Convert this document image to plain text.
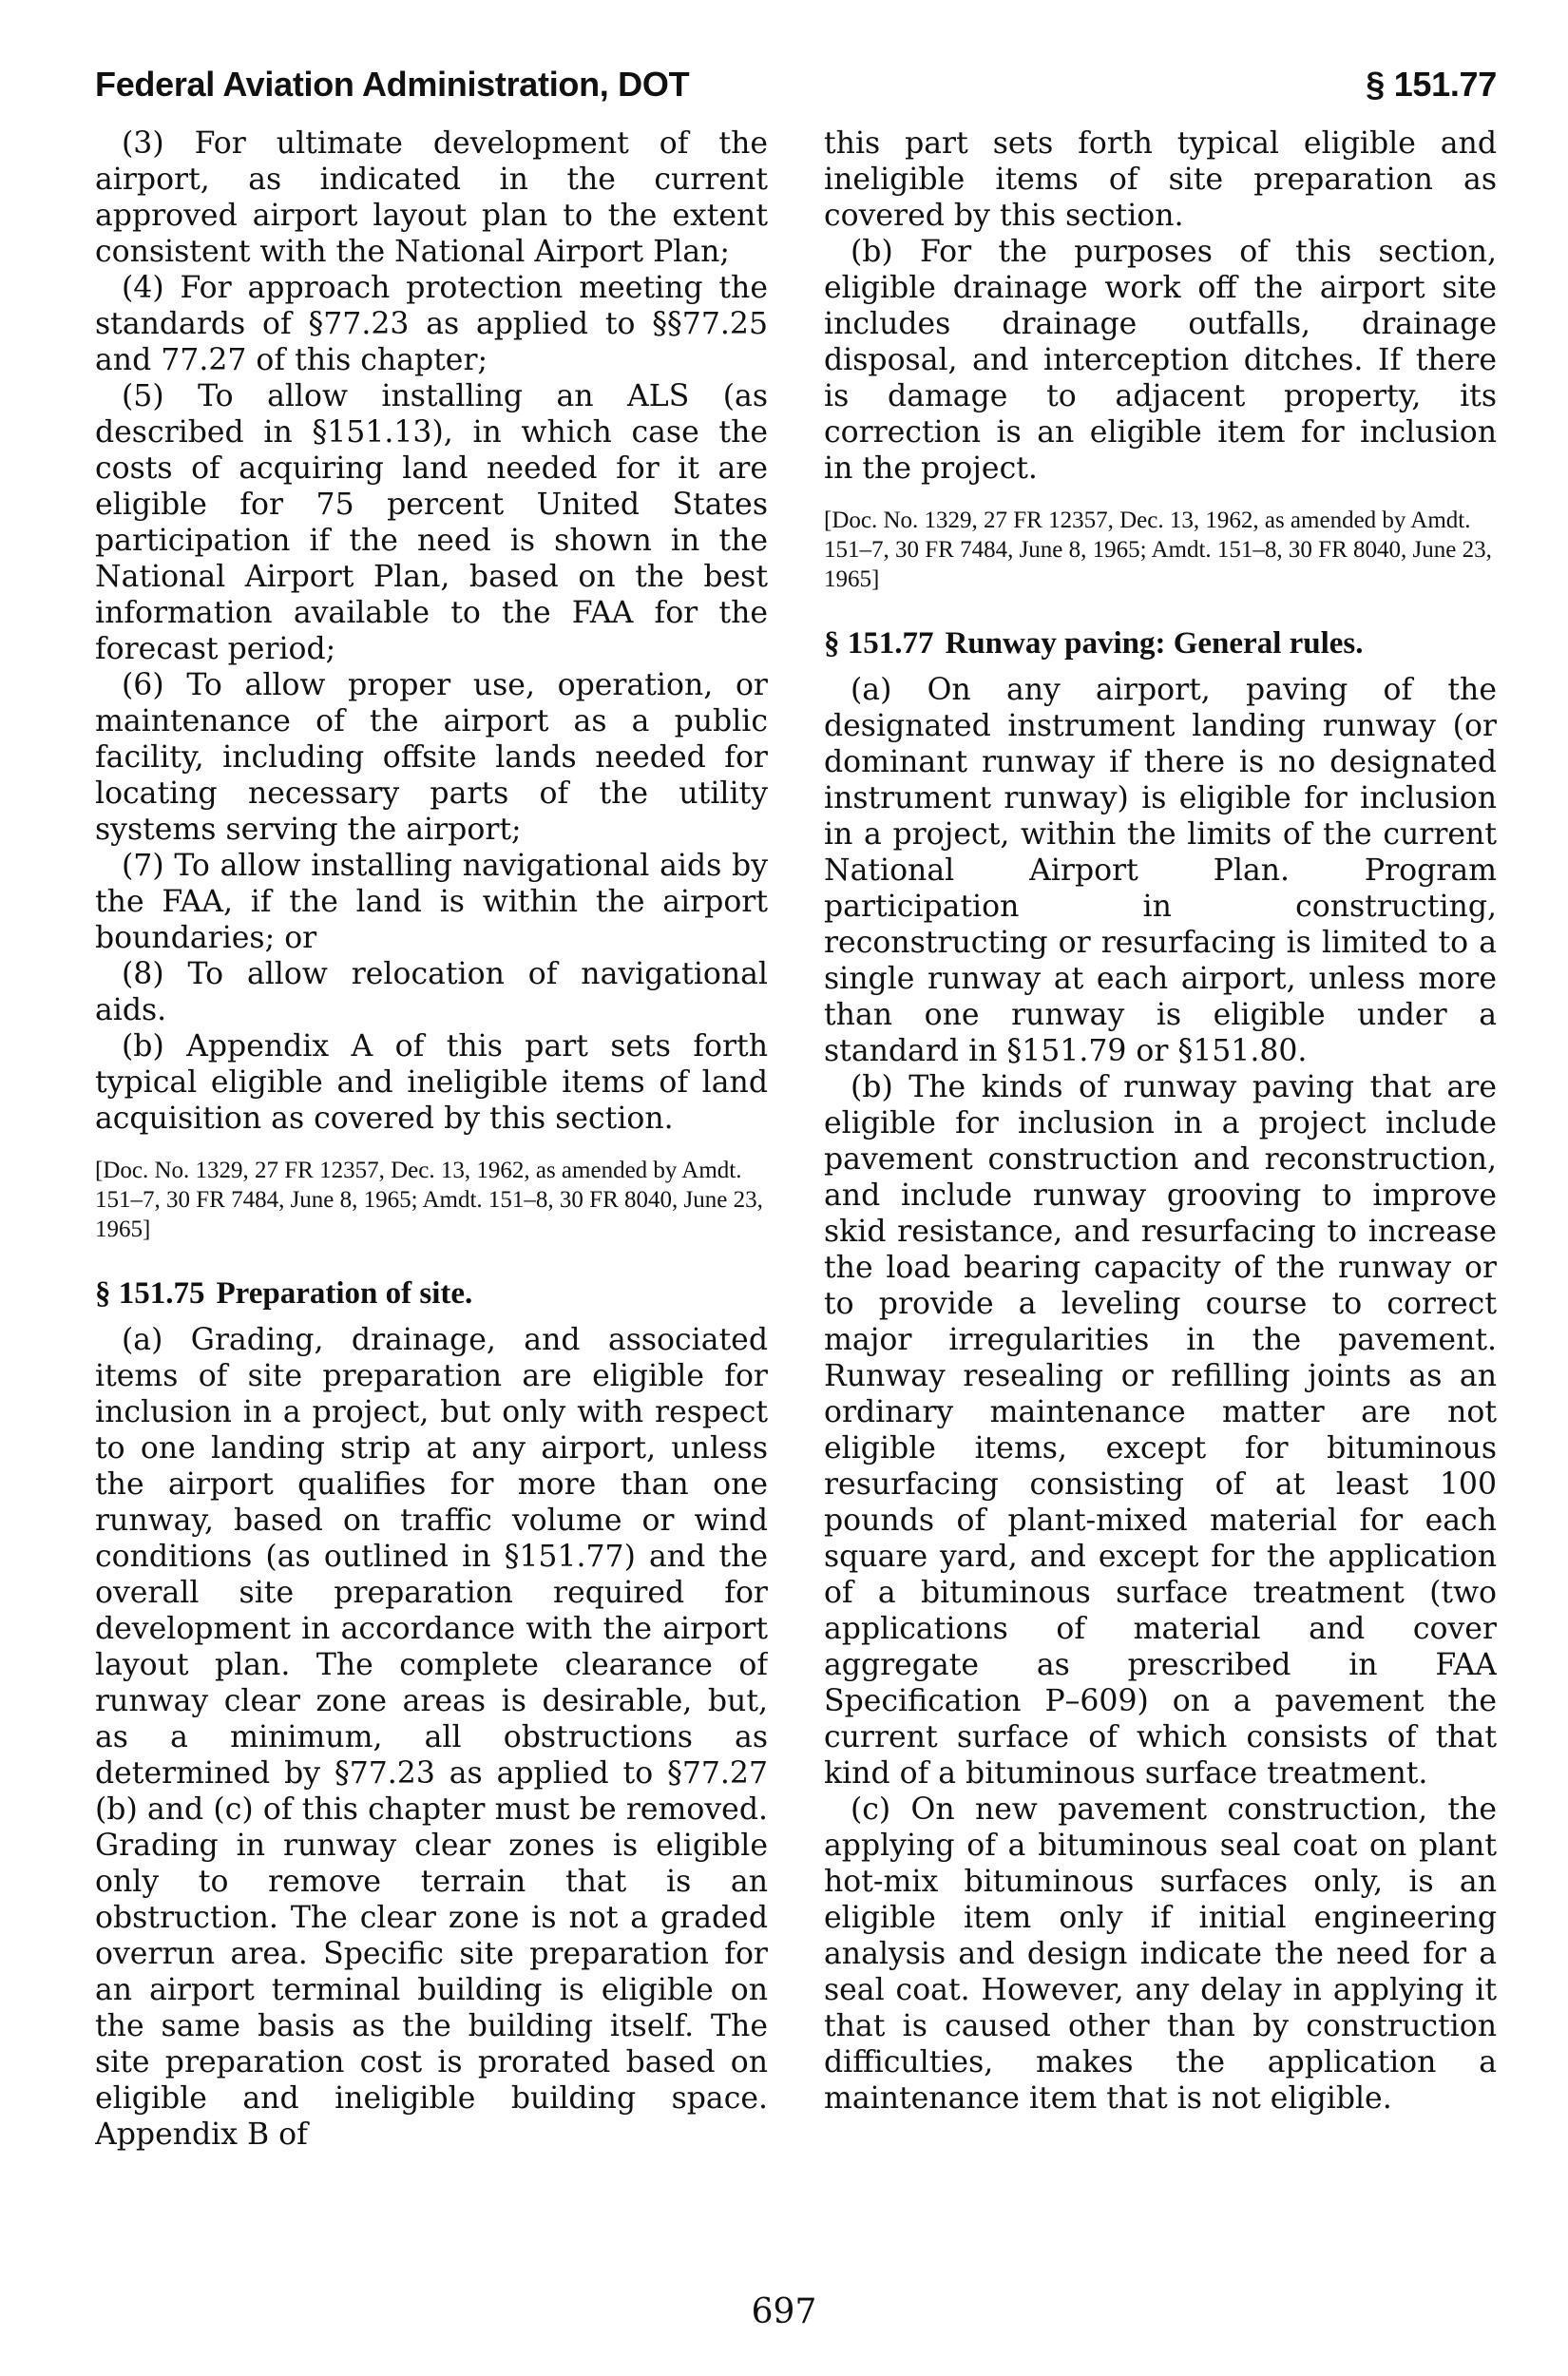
Federal Aviation Administration, DOT	§ 151.77

(3) For ultimate development of the airport, as indicated in the current approved airport layout plan to the extent consistent with the National Airport Plan;

(4) For approach protection meeting the standards of §77.23 as applied to §§77.25 and 77.27 of this chapter;

(5) To allow installing an ALS (as described in §151.13), in which case the costs of acquiring land needed for it are eligible for 75 percent United States participation if the need is shown in the National Airport Plan, based on the best information available to the FAA for the forecast period;

(6) To allow proper use, operation, or maintenance of the airport as a public facility, including offsite lands needed for locating necessary parts of the utility systems serving the airport;

(7) To allow installing navigational aids by the FAA, if the land is within the airport boundaries; or

(8) To allow relocation of navigational aids.

(b) Appendix A of this part sets forth typical eligible and ineligible items of land acquisition as covered by this section.

[Doc. No. 1329, 27 FR 12357, Dec. 13, 1962, as amended by Amdt. 151–7, 30 FR 7484, June 8, 1965; Amdt. 151–8, 30 FR 8040, June 23, 1965]

§ 151.75 Preparation of site.

(a) Grading, drainage, and associated items of site preparation are eligible for inclusion in a project, but only with respect to one landing strip at any airport, unless the airport qualifies for more than one runway, based on traffic volume or wind conditions (as outlined in §151.77) and the overall site preparation required for development in accordance with the airport layout plan. The complete clearance of runway clear zone areas is desirable, but, as a minimum, all obstructions as determined by §77.23 as applied to §77.27 (b) and (c) of this chapter must be removed. Grading in runway clear zones is eligible only to remove terrain that is an obstruction. The clear zone is not a graded overrun area. Specific site preparation for an airport terminal building is eligible on the same basis as the building itself. The site preparation cost is prorated based on eligible and ineligible building space. Appendix B of

this part sets forth typical eligible and ineligible items of site preparation as covered by this section.

(b) For the purposes of this section, eligible drainage work off the airport site includes drainage outfalls, drainage disposal, and interception ditches. If there is damage to adjacent property, its correction is an eligible item for inclusion in the project.

[Doc. No. 1329, 27 FR 12357, Dec. 13, 1962, as amended by Amdt. 151–7, 30 FR 7484, June 8, 1965; Amdt. 151–8, 30 FR 8040, June 23, 1965]

§ 151.77 Runway paving: General rules.

(a) On any airport, paving of the designated instrument landing runway (or dominant runway if there is no designated instrument runway) is eligible for inclusion in a project, within the limits of the current National Airport Plan. Program participation in constructing, reconstructing or resurfacing is limited to a single runway at each airport, unless more than one runway is eligible under a standard in §151.79 or §151.80.

(b) The kinds of runway paving that are eligible for inclusion in a project include pavement construction and reconstruction, and include runway grooving to improve skid resistance, and resurfacing to increase the load bearing capacity of the runway or to provide a leveling course to correct major irregularities in the pavement. Runway resealing or refilling joints as an ordinary maintenance matter are not eligible items, except for bituminous resurfacing consisting of at least 100 pounds of plant-mixed material for each square yard, and except for the application of a bituminous surface treatment (two applications of material and cover aggregate as prescribed in FAA Specification P–609) on a pavement the current surface of which consists of that kind of a bituminous surface treatment.

(c) On new pavement construction, the applying of a bituminous seal coat on plant hot-mix bituminous surfaces only, is an eligible item only if initial engineering analysis and design indicate the need for a seal coat. However, any delay in applying it that is caused other than by construction difficulties, makes the application a maintenance item that is not eligible.

697
